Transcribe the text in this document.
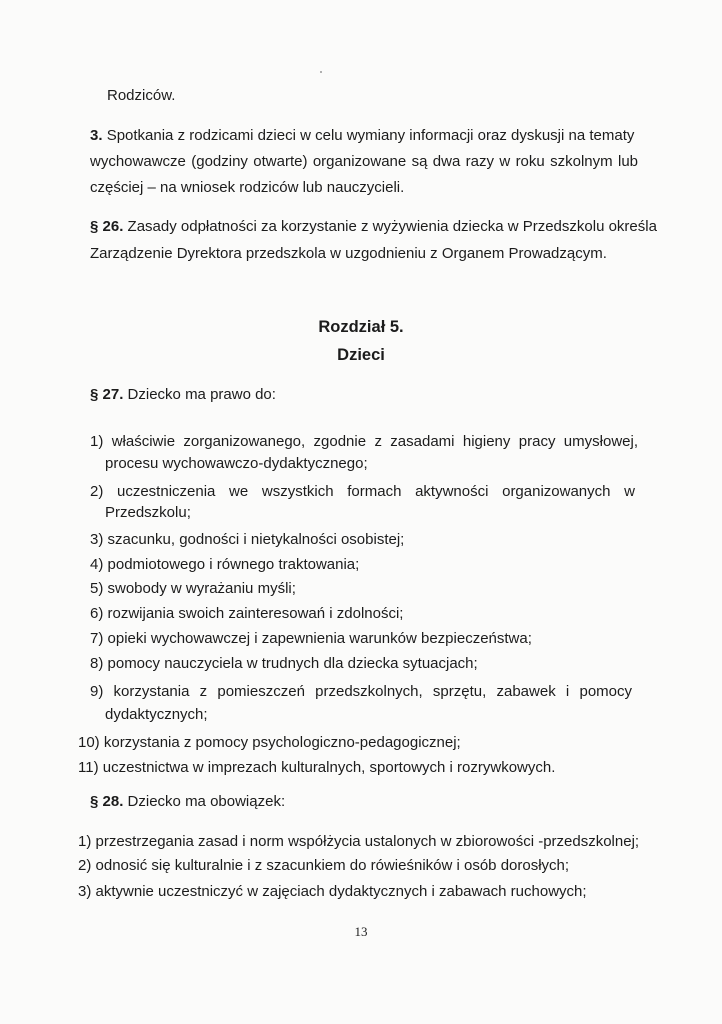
Rodziców.
3. Spotkania z rodzicami dzieci w celu wymiany informacji oraz dyskusji na tematy
wychowawcze (godziny otwarte) organizowane są dwa razy w roku szkolnym lub
częściej – na wniosek rodziców lub nauczycieli.
§ 26. Zasady odpłatności za korzystanie z wyżywienia dziecka w Przedszkolu określa
Zarządzenie Dyrektora przedszkola w uzgodnieniu z Organem Prowadzącym.
Rozdział 5.
Dzieci
§ 27. Dziecko ma prawo do:
1) właściwie zorganizowanego, zgodnie z zasadami higieny pracy umysłowej,
procesu wychowawczo-dydaktycznego;
2) uczestniczenia we wszystkich formach aktywności organizowanych w
Przedszkolu;
3) szacunku, godności i nietykalności osobistej;
4) podmiotowego i równego traktowania;
5) swobody w wyrażaniu myśli;
6) rozwijania swoich zainteresowań i zdolności;
7) opieki wychowawczej i zapewnienia warunków bezpieczeństwa;
8) pomocy nauczyciela w trudnych dla dziecka sytuacjach;
9) korzystania z pomieszczeń przedszkolnych, sprzętu, zabawek i pomocy
dydaktycznych;
10) korzystania z pomocy psychologiczno-pedagogicznej;
11) uczestnictwa w imprezach kulturalnych, sportowych i rozrywkowych.
§ 28. Dziecko ma obowiązek:
1) przestrzegania zasad i norm współżycia ustalonych w zbiorowości -przedszkolnej;
2) odnosić się kulturalnie i z szacunkiem do rówieśników i osób dorosłych;
3) aktywnie uczestniczyć w zajęciach dydaktycznych i zabawach ruchowych;
13
